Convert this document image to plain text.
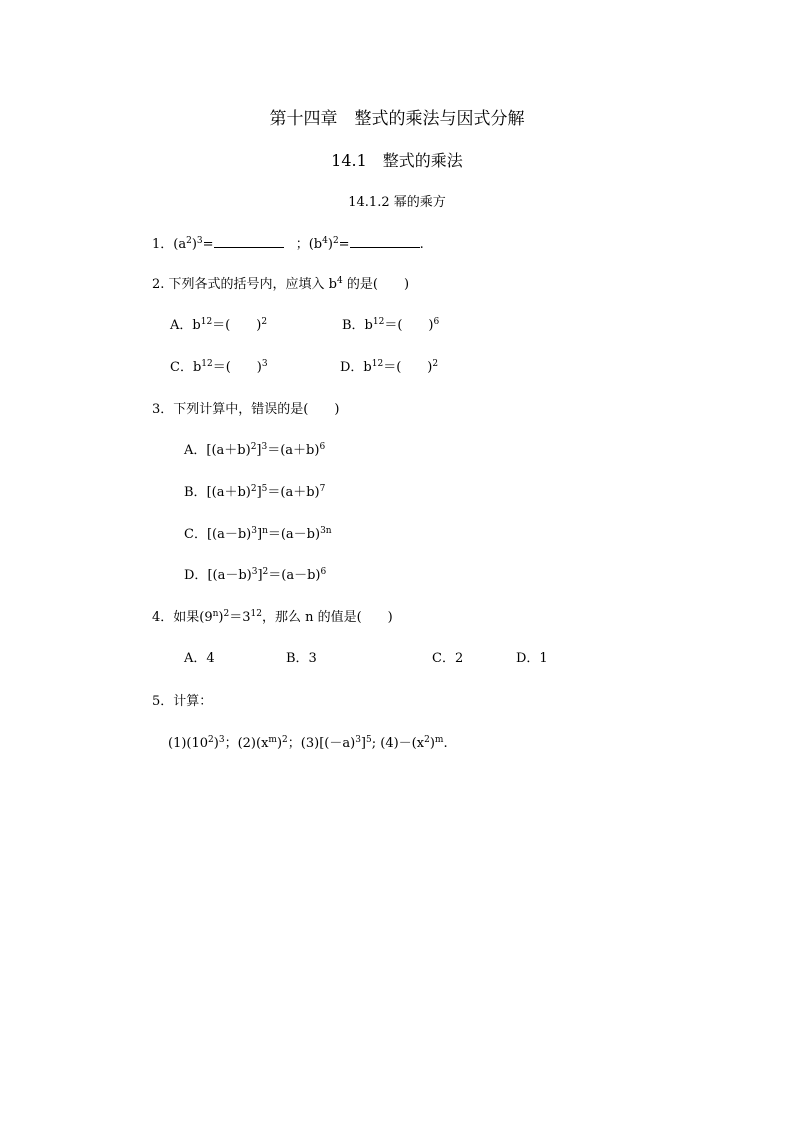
第十四章　整式的乘法与因式分解
14.1　整式的乘法
14.1.2 幂的乘方
1．$(a^2)^3=$	；$(b^4)^2=$	.
2. 下列各式的括号内，应填入 $b^4$ 的是(　　)
A．$b^{12}=$(　　)$^2$	B．$b^{12}=$(　　)$^6$
C．$b^{12}=$(　　)$^3$	D．$b^{12}=$(　　)$^2$
3．下列计算中，错误的是(　　)
A．$[(a+b)^2]^3=(a+b)^6$
B．$[(a+b)^2]^5=(a+b)^7$
C．$[(a-b)^3]^n=(a-b)^{3n}$
D．$[(a-b)^3]^2=(a-b)^6$
4．如果$(9^n)^2=3^{12}$，那么 n 的值是(　　)
A．4	B．3	C．2	D．1
5．计算：
$(1)(10^2)^3$；$(2)(x^m)^2$；$(3)[(-a)^3]^5$; $(4)-(x^2)^m$.
